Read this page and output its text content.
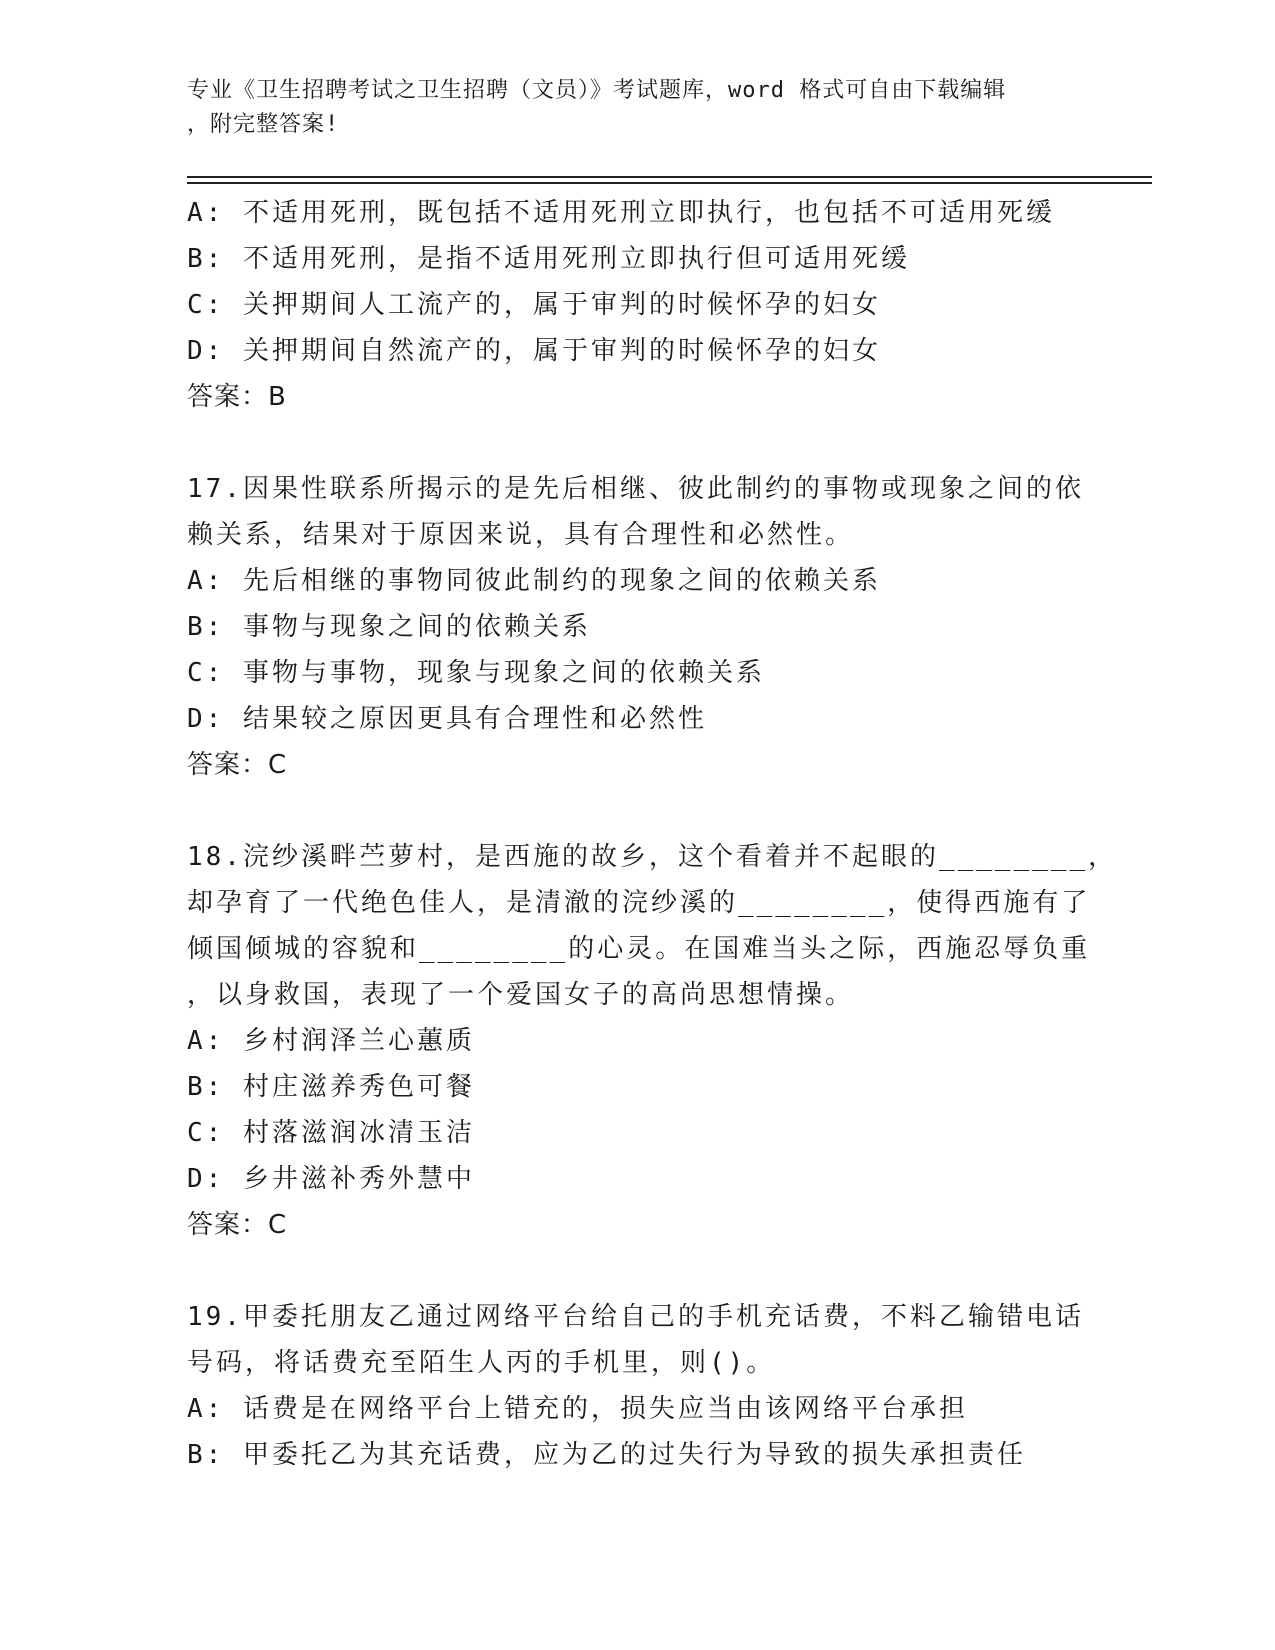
专业《卫生招聘考试之卫生招聘（文员）》考试题库，word 格式可自由下载编辑
，附完整答案!
A: 不适用死刑，既包括不适用死刑立即执行，也包括不可适用死缓
B: 不适用死刑，是指不适用死刑立即执行但可适用死缓
C: 关押期间人工流产的，属于审判的时候怀孕的妇女
D: 关押期间自然流产的，属于审判的时候怀孕的妇女
答案：B
17.因果性联系所揭示的是先后相继、彼此制约的事物或现象之间的依
赖关系，结果对于原因来说，具有合理性和必然性。
A: 先后相继的事物同彼此制约的现象之间的依赖关系
B: 事物与现象之间的依赖关系
C: 事物与事物，现象与现象之间的依赖关系
D: 结果较之原因更具有合理性和必然性
答案：C
18.浣纱溪畔苎萝村，是西施的故乡，这个看着并不起眼的________，
却孕育了一代绝色佳人，是清澈的浣纱溪的________，使得西施有了
倾国倾城的容貌和________的心灵。在国难当头之际，西施忍辱负重
，以身救国，表现了一个爱国女子的高尚思想情操。
A: 乡村润泽兰心蕙质
B: 村庄滋养秀色可餐
C: 村落滋润冰清玉洁
D: 乡井滋补秀外慧中
答案：C
19.甲委托朋友乙通过网络平台给自己的手机充话费，不料乙输错电话
号码，将话费充至陌生人丙的手机里，则()。
A: 话费是在网络平台上错充的，损失应当由该网络平台承担
B: 甲委托乙为其充话费，应为乙的过失行为导致的损失承担责任
